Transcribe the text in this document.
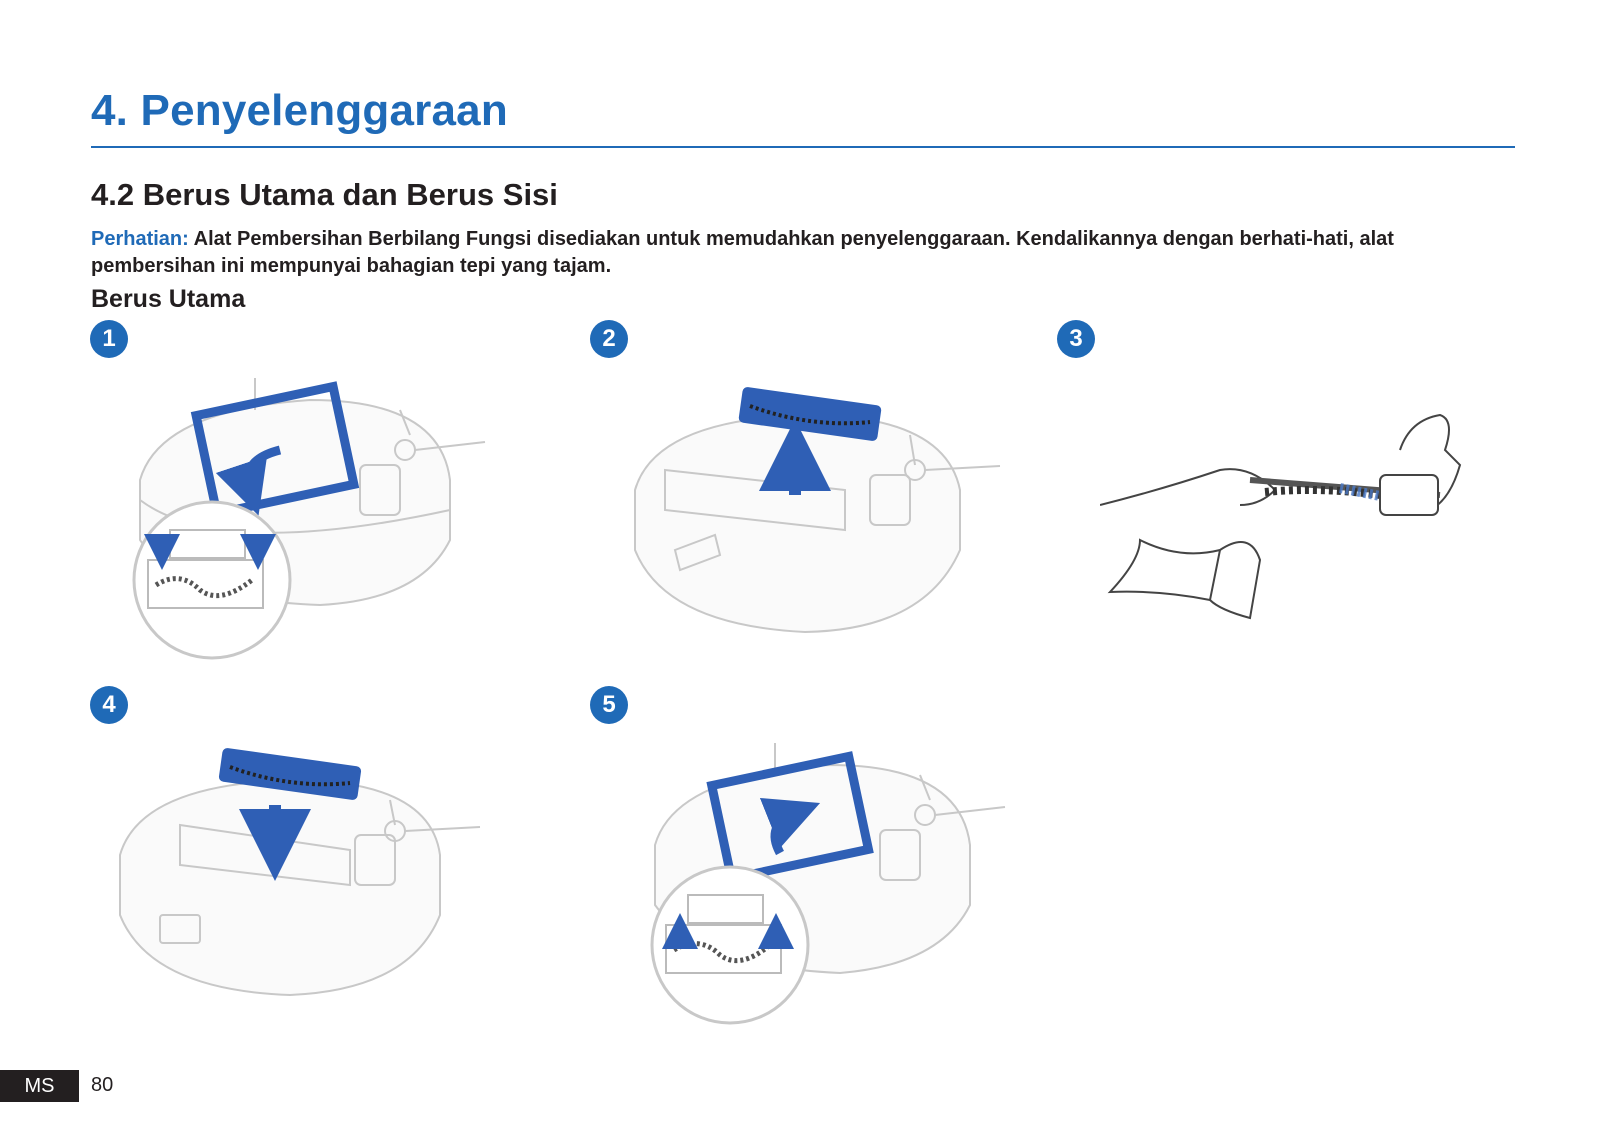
4. Penyelenggaraan
4.2 Berus Utama dan Berus Sisi

Perhatian: Alat Pembersihan Berbilang Fungsi disediakan untuk memudahkan penyelenggaraan. Kendalikannya dengan berhati-hati, alat pembersihan ini mempunyai bahagian tepi yang tajam.

Berus Utama
1	2	3
4	5
MS	80
